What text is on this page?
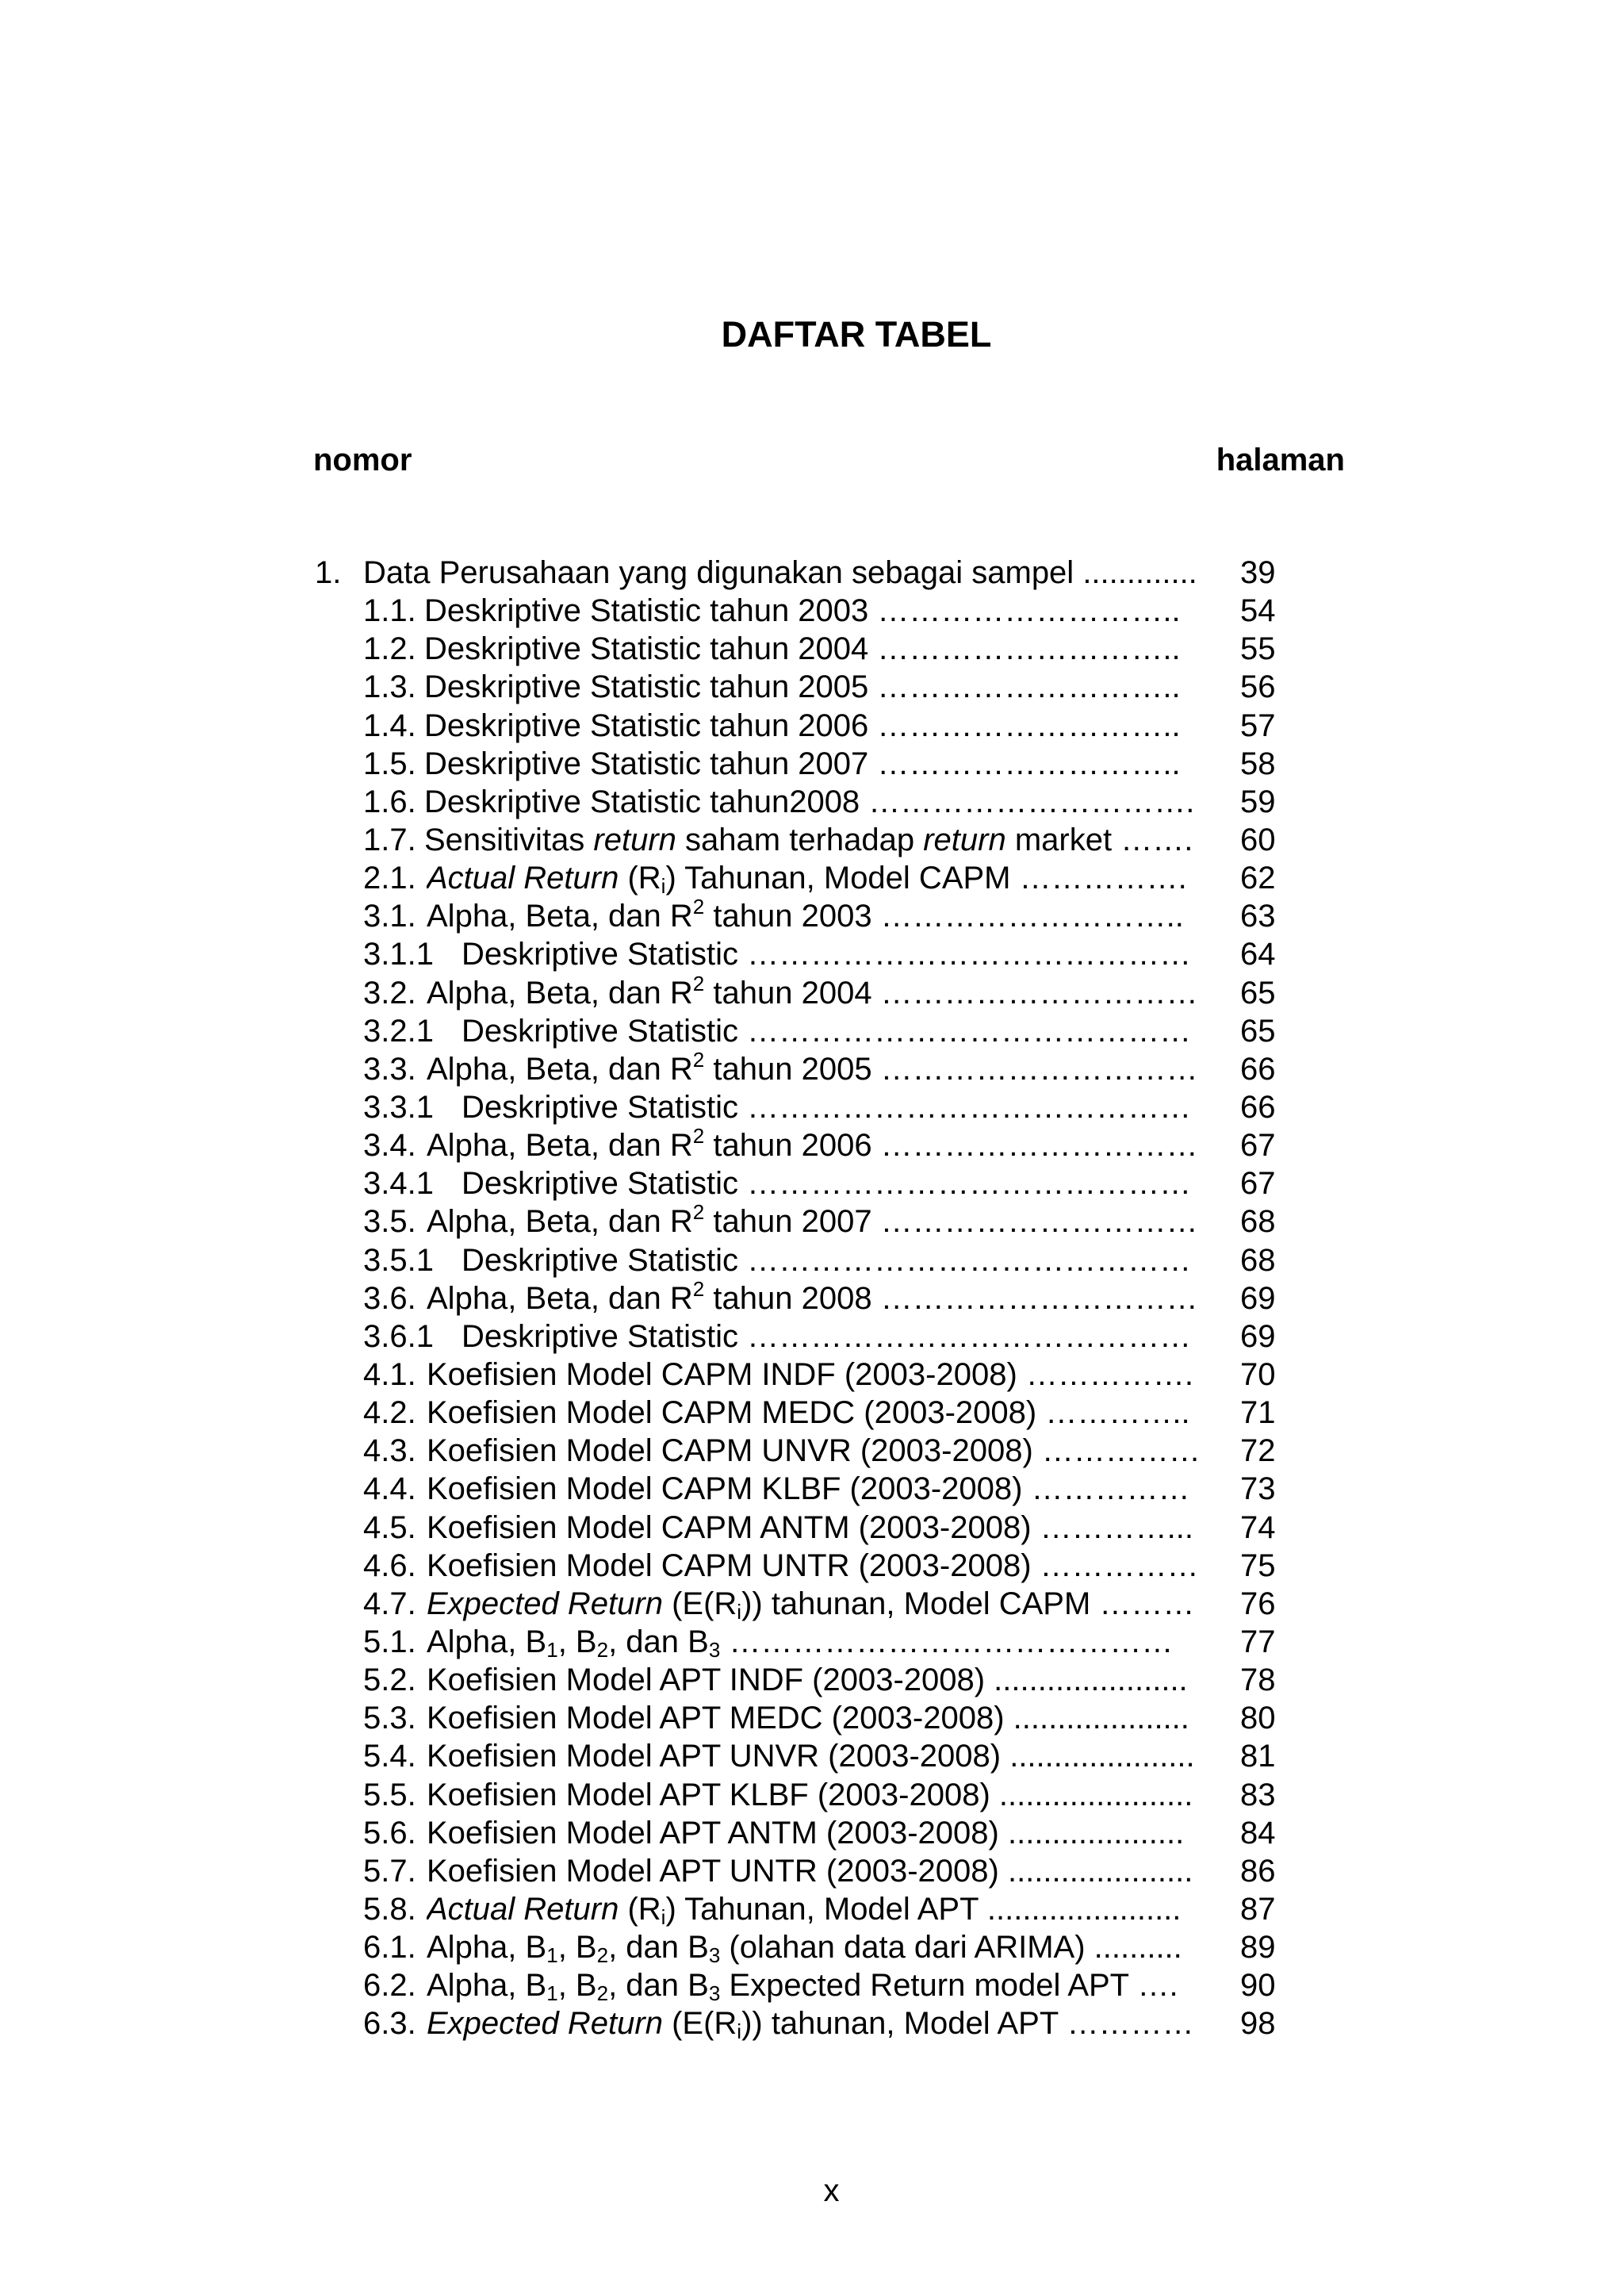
DAFTAR TABEL
nomor	halaman
1. Data Perusahaan yang digunakan sebagai sampel ............. 39
1.1. Deskriptive Statistic tahun 2003 ……………………….. 54
1.2. Deskriptive Statistic tahun 2004 ……………………….. 55
1.3. Deskriptive Statistic tahun 2005 ……………………….. 56
1.4. Deskriptive Statistic tahun 2006 ……………………….. 57
1.5. Deskriptive Statistic tahun 2007 ……………………….. 58
1.6. Deskriptive Statistic tahun2008 …………………………. 59
1.7. Sensitivitas return saham terhadap return market ……. 60
2.1. Actual Return $(R_i)$ Tahunan, Model CAPM ……………. 62
3.1. Alpha, Beta, dan $R^2$ tahun 2003 ……………………….. 63
3.1.1 Deskriptive Statistic …………………………………… 64
3.2. Alpha, Beta, dan $R^2$ tahun 2004 ………………………… 65
3.2.1 Deskriptive Statistic …………………………………… 65
3.3. Alpha, Beta, dan $R^2$ tahun 2005 ………………………… 66
3.3.1 Deskriptive Statistic …………………………………… 66
3.4. Alpha, Beta, dan $R^2$ tahun 2006 ………………………… 67
3.4.1 Deskriptive Statistic …………………………………… 67
3.5. Alpha, Beta, dan $R^2$ tahun 2007 ………………………… 68
3.5.1 Deskriptive Statistic …………………………………… 68
3.6. Alpha, Beta, dan $R^2$ tahun 2008 ………………………… 69
3.6.1 Deskriptive Statistic …………………………………… 69
4.1. Koefisien Model CAPM INDF (2003-2008) ……………. 70
4.2. Koefisien Model CAPM MEDC (2003-2008) ………….. 71
4.3. Koefisien Model CAPM UNVR (2003-2008) …………… 72
4.4. Koefisien Model CAPM KLBF (2003-2008) …………… 73
4.5. Koefisien Model CAPM ANTM (2003-2008) …………... 74
4.6. Koefisien Model CAPM UNTR (2003-2008) …………… 75
4.7. Expected Return $(E(R_i))$ tahunan, Model CAPM ……… 76
5.1. Alpha, $B_1$, $B_2$, dan $B_3$ …………………………………… 77
5.2. Koefisien Model APT INDF (2003-2008) ...................... 78
5.3. Koefisien Model APT MEDC (2003-2008) .................... 80
5.4. Koefisien Model APT UNVR (2003-2008) ..................... 81
5.5. Koefisien Model APT KLBF (2003-2008) ...................... 83
5.6. Koefisien Model APT ANTM (2003-2008) .................... 84
5.7. Koefisien Model APT UNTR (2003-2008) ..................... 86
5.8. Actual Return $(R_i)$ Tahunan, Model APT ...................... 87
6.1. Alpha, $B_1$, $B_2$, dan $B_3$ (olahan data dari ARIMA) .......... 89
6.2. Alpha, $B_1$, $B_2$, dan $B_3$ Expected Return model APT …. 90
6.3. Expected Return $(E(R_i))$ tahunan, Model APT ………… 98
x
